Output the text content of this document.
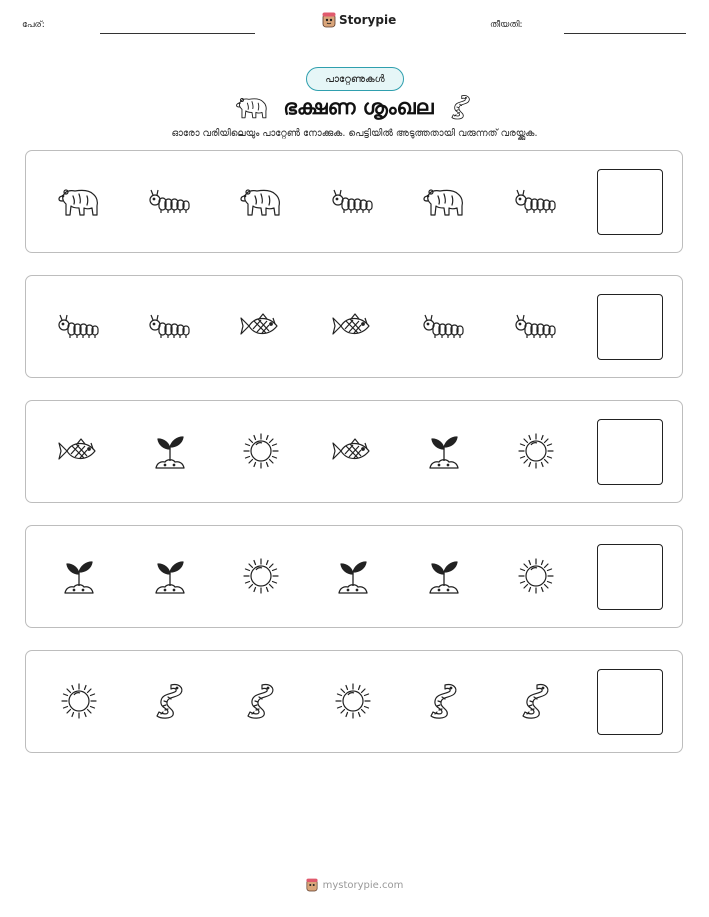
പേര്:	Storypie	തീയതി:
പാറ്റേണുകൾ
ഭക്ഷണ ശൃംഖല
ഓരോ വരിയിലെയും പാറ്റേൺ നോക്കുക. പെട്ടിയിൽ അടുത്തതായി വരുന്നത് വരയ്ക്കുക.
mystorypie.com
